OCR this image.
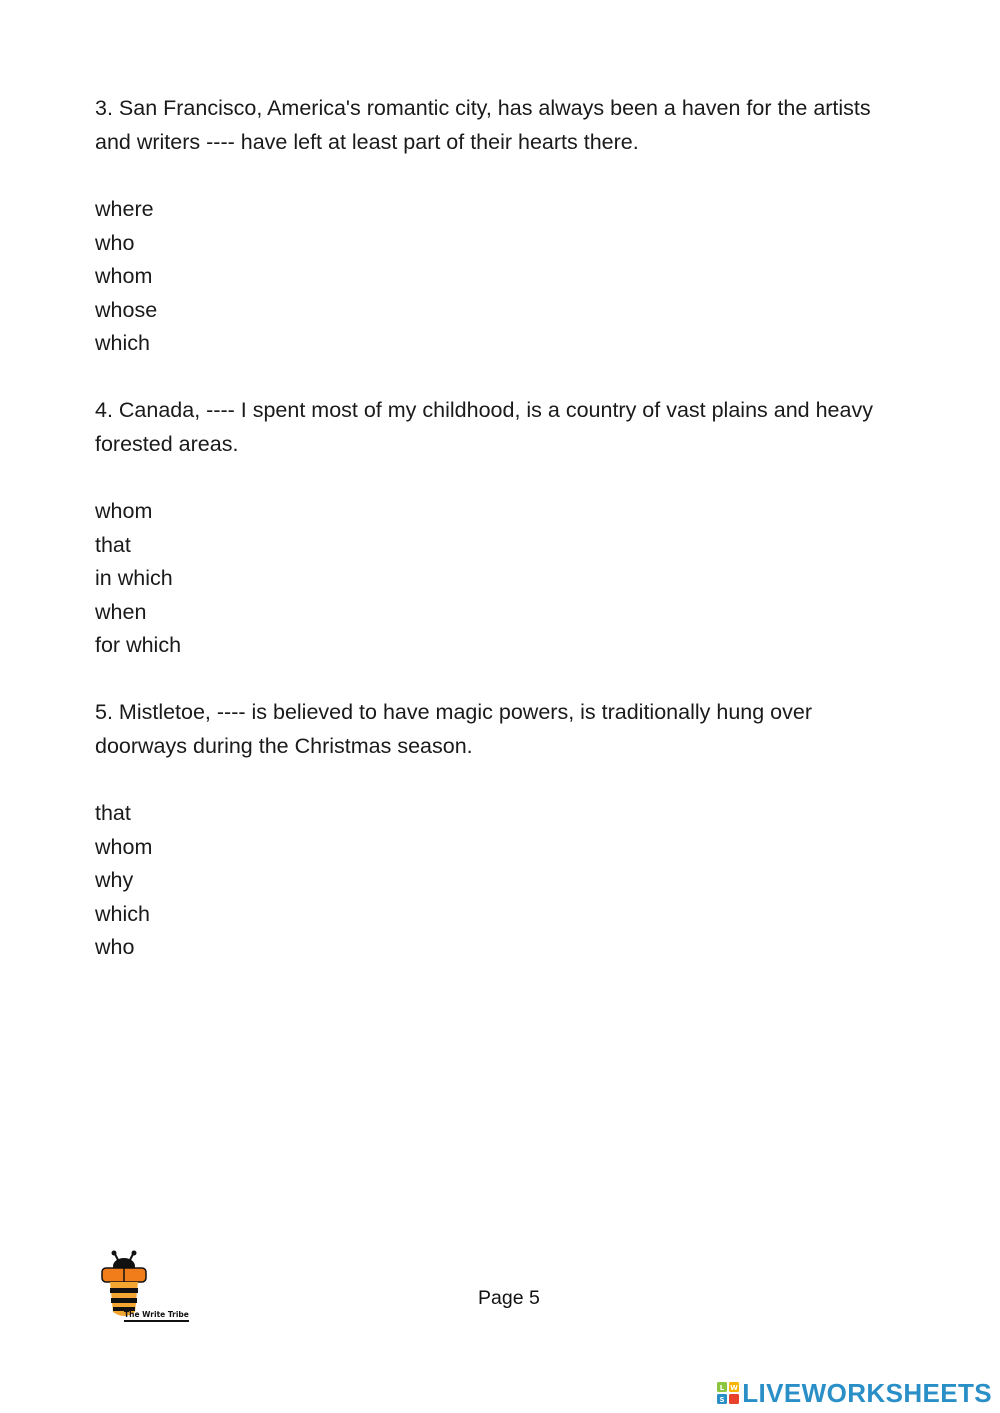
3. San Francisco, America's romantic city, has always been a haven for the artists and writers ---- have left at least part of their hearts there.

where
who
whom
whose
which

4. Canada, ---- I spent most of my childhood, is a country of vast plains and heavy forested areas.

whom
that
in which
when
for which

5. Mistletoe, ---- is believed to have magic powers, is traditionally hung over doorways during the Christmas season.

that
whom
why
which
who
The Write Tribe
Page 5
L W
S LIVEWORKSHEETS
